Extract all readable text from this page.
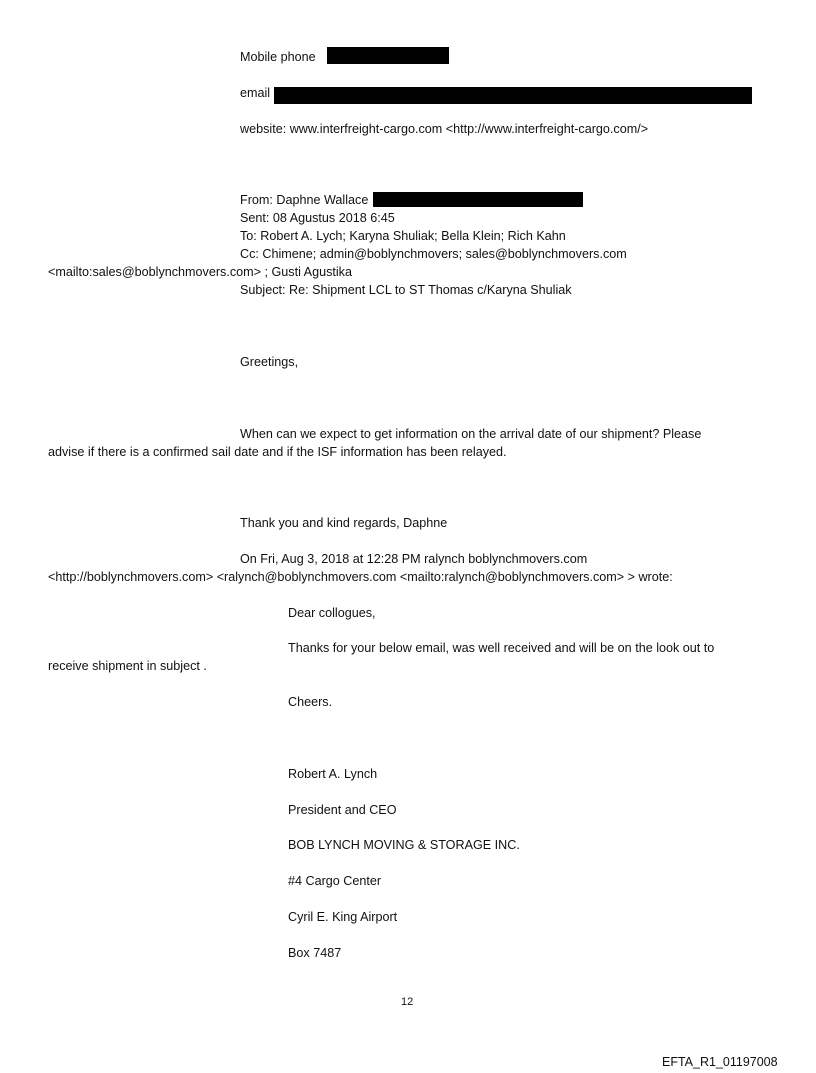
Mobile phone
email
website: www.interfreight-cargo.com <http://www.interfreight-cargo.com/>
From: Daphne Wallace
Sent: 08 Agustus 2018 6:45
To: Robert A. Lych; Karyna Shuliak; Bella Klein; Rich Kahn
Cc: Chimene; admin@boblynchmovers; sales@boblynchmovers.com
<mailto:sales@boblynchmovers.com> ; Gusti Agustika
Subject: Re: Shipment LCL to ST Thomas c/Karyna Shuliak
Greetings,
When can we expect to get information on the arrival date of our shipment? Please
advise if there is a confirmed sail date and if the ISF information has been relayed.
Thank you and kind regards, Daphne
On Fri, Aug 3, 2018 at 12:28 PM ralynch boblynchmovers.com
<http://boblynchmovers.com> <ralynch@boblynchmovers.com <mailto:ralynch@boblynchmovers.com> > wrote:
Dear collogues,
Thanks for your below email, was well received and will be on the look out to
receive shipment in subject .
Cheers.
Robert A. Lynch
President and CEO
BOB LYNCH MOVING & STORAGE INC.
#4 Cargo Center
Cyril E. King Airport
Box 7487
12
EFTA_R1_01197008
